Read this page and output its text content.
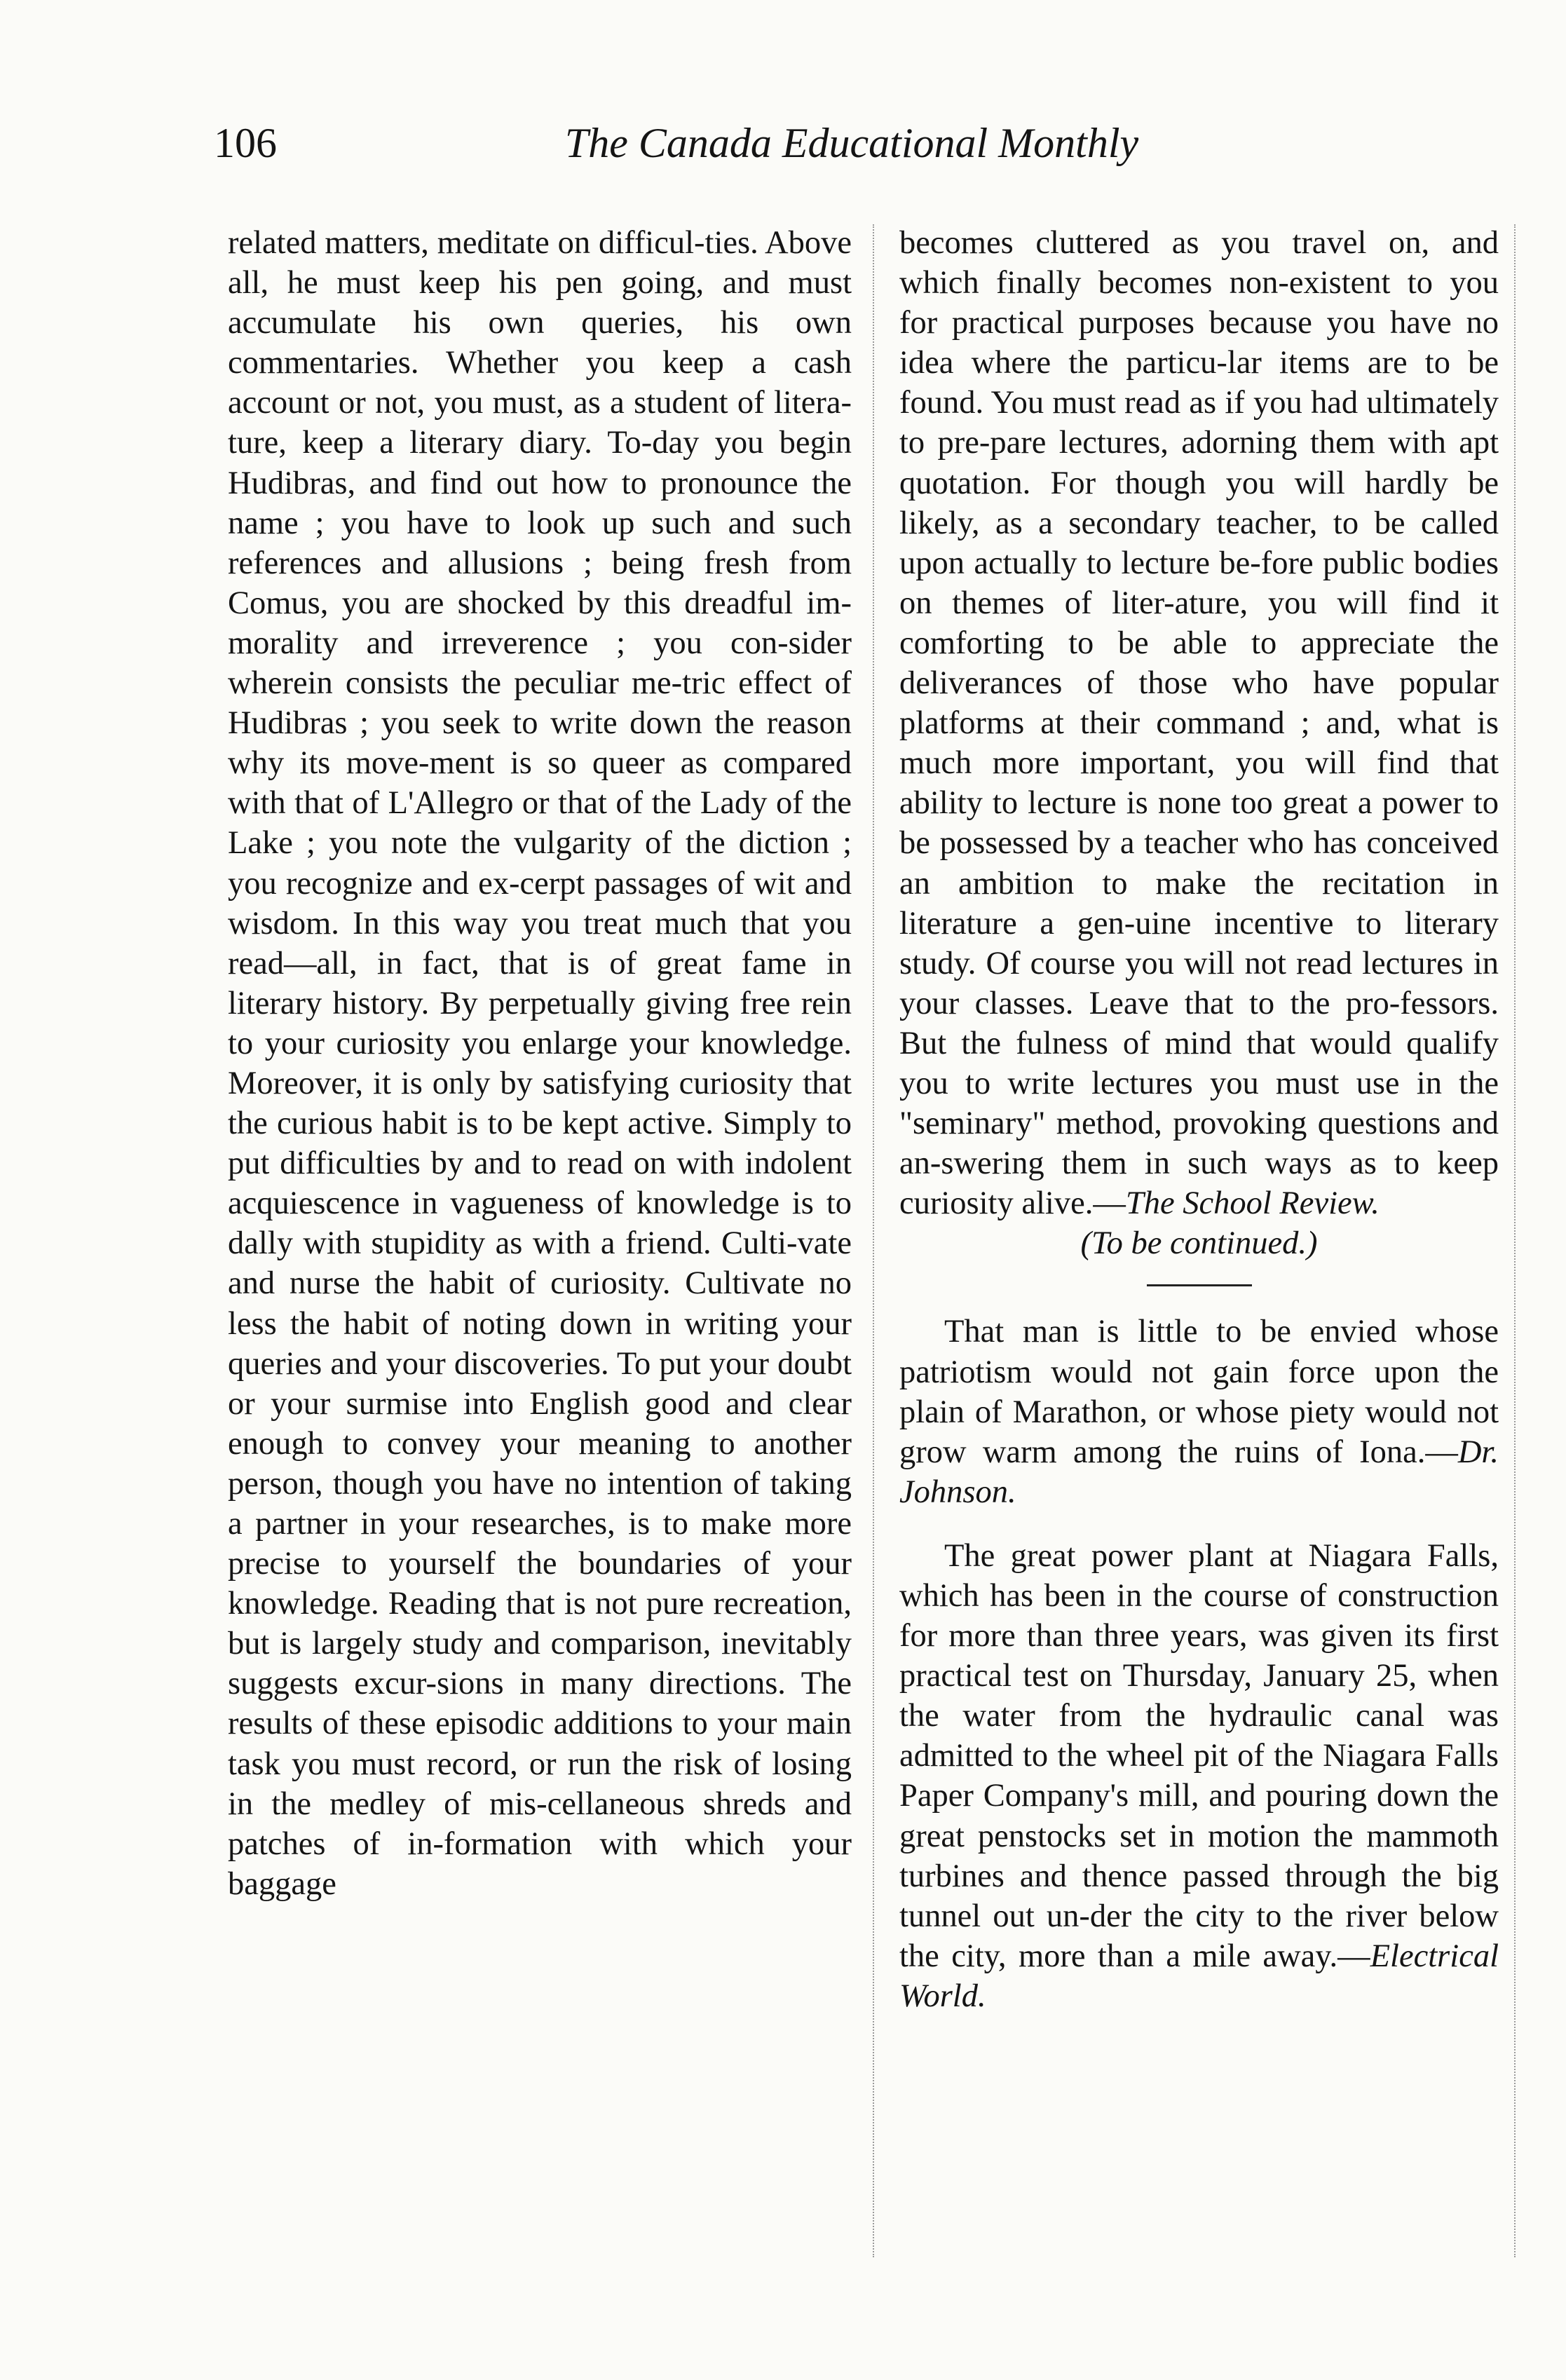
106	The Canada Educational Monthly

related matters, meditate on difficul-ties. Above all, he must keep his pen going, and must accumulate his own queries, his own commentaries. Whether you keep a cash account or not, you must, as a student of litera-ture, keep a literary diary. To-day you begin Hudibras, and find out how to pronounce the name ; you have to look up such and such references and allusions ; being fresh from Comus, you are shocked by this dreadful im-morality and irreverence ; you con-sider wherein consists the peculiar me-tric effect of Hudibras ; you seek to write down the reason why its move-ment is so queer as compared with that of L'Allegro or that of the Lady of the Lake ; you note the vulgarity of the diction ; you recognize and ex-cerpt passages of wit and wisdom. In this way you treat much that you read—all, in fact, that is of great fame in literary history. By perpetually giving free rein to your curiosity you enlarge your knowledge. Moreover, it is only by satisfying curiosity that the curious habit is to be kept active. Simply to put difficulties by and to read on with indolent acquiescence in vagueness of knowledge is to dally with stupidity as with a friend. Culti-vate and nurse the habit of curiosity. Cultivate no less the habit of noting down in writing your queries and your discoveries. To put your doubt or your surmise into English good and clear enough to convey your meaning to another person, though you have no intention of taking a partner in your researches, is to make more precise to yourself the boundaries of your knowledge. Reading that is not pure recreation, but is largely study and comparison, inevitably suggests excur-sions in many directions. The results of these episodic additions to your main task you must record, or run the risk of losing in the medley of mis-cellaneous shreds and patches of in-formation with which your baggage

becomes cluttered as you travel on, and which finally becomes non-existent to you for practical purposes because you have no idea where the particu-lar items are to be found. You must read as if you had ultimately to pre-pare lectures, adorning them with apt quotation. For though you will hardly be likely, as a secondary teacher, to be called upon actually to lecture be-fore public bodies on themes of liter-ature, you will find it comforting to be able to appreciate the deliverances of those who have popular platforms at their command ; and, what is much more important, you will find that ability to lecture is none too great a power to be possessed by a teacher who has conceived an ambition to make the recitation in literature a gen-uine incentive to literary study. Of course you will not read lectures in your classes. Leave that to the pro-fessors. But the fulness of mind that would qualify you to write lectures you must use in the "seminary" method, provoking questions and an-swering them in such ways as to keep curiosity alive.—The School Review.

(To be continued.)

That man is little to be envied whose patriotism would not gain force upon the plain of Marathon, or whose piety would not grow warm among the ruins of Iona.—Dr. Johnson.

The great power plant at Niagara Falls, which has been in the course of construction for more than three years, was given its first practical test on Thursday, January 25, when the water from the hydraulic canal was admitted to the wheel pit of the Niagara Falls Paper Company's mill, and pouring down the great penstocks set in motion the mammoth turbines and thence passed through the big tunnel out un-der the city to the river below the city, more than a mile away.—Electrical World.
